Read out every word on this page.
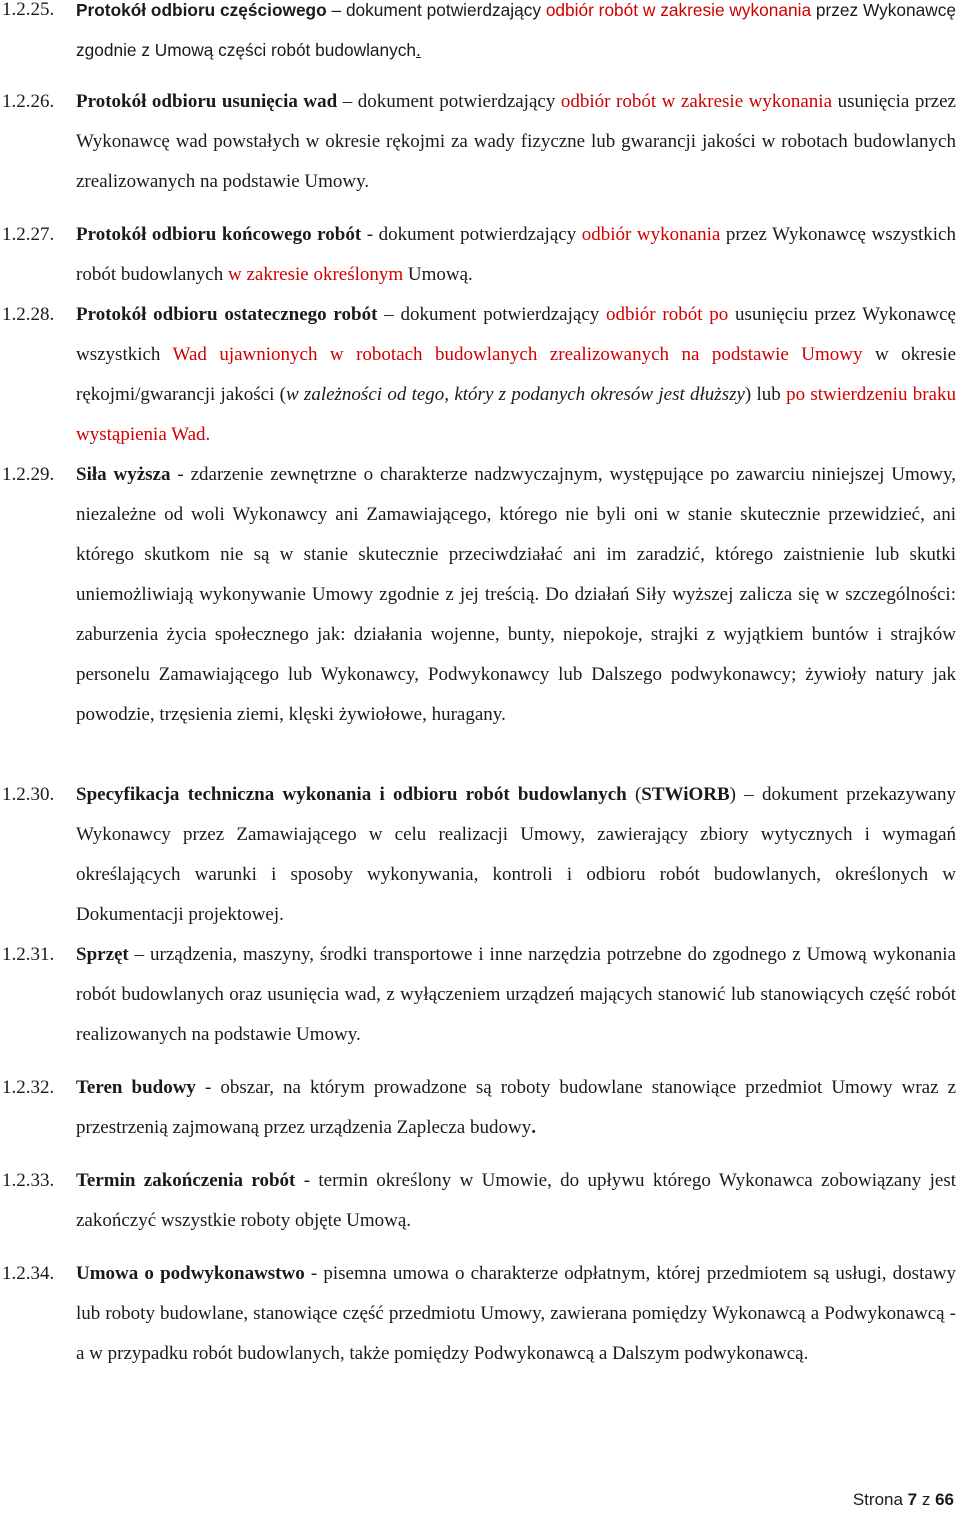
1.2.25. Protokół odbioru częściowego – dokument potwierdzający odbiór robót w zakresie wykonania przez Wykonawcę zgodnie z Umową części robót budowlanych.
1.2.26. Protokół odbioru usunięcia wad – dokument potwierdzający odbiór robót w zakresie wykonania usunięcia przez Wykonawcę wad powstałych w okresie rękojmi za wady fizyczne lub gwarancji jakości w robotach budowlanych zrealizowanych na podstawie Umowy.
1.2.27. Protokół odbioru końcowego robót - dokument potwierdzający odbiór wykonania przez Wykonawcę wszystkich robót budowlanych w zakresie określonym Umową.
1.2.28. Protokół odbioru ostatecznego robót – dokument potwierdzający odbiór robót po usunięciu przez Wykonawcę wszystkich Wad ujawnionych w robotach budowlanych zrealizowanych na podstawie Umowy w okresie rękojmi/gwarancji jakości (w zależności od tego, który z podanych okresów jest dłuższy) lub po stwierdzeniu braku wystąpienia Wad.
1.2.29. Siła wyższa - zdarzenie zewnętrzne o charakterze nadzwyczajnym, występujące po zawarciu niniejszej Umowy, niezależne od woli Wykonawcy ani Zamawiającego, którego nie byli oni w stanie skutecznie przewidzieć, ani którego skutkom nie są w stanie skutecznie przeciwdziałać ani im zaradzić, którego zaistnienie lub skutki uniemożliwiają wykonywanie Umowy zgodnie z jej treścią. Do działań Siły wyższej zalicza się w szczególności: zaburzenia życia społecznego jak: działania wojenne, bunty, niepokoje, strajki z wyjątkiem buntów i strajków personelu Zamawiającego lub Wykonawcy, Podwykonawcy lub Dalszego podwykonawcy; żywioły natury jak powodzie, trzęsienia ziemi, klęski żywiołowe, huragany.
1.2.30. Specyfikacja techniczna wykonania i odbioru robót budowlanych (STWiORB) – dokument przekazywany Wykonawcy przez Zamawiającego w celu realizacji Umowy, zawierający zbiory wytycznych i wymagań określających warunki i sposoby wykonywania, kontroli i odbioru robót budowlanych, określonych w Dokumentacji projektowej.
1.2.31. Sprzęt – urządzenia, maszyny, środki transportowe i inne narzędzia potrzebne do zgodnego z Umową wykonania robót budowlanych oraz usunięcia wad, z wyłączeniem urządzeń mających stanowić lub stanowiących część robót realizowanych na podstawie Umowy.
1.2.32. Teren budowy - obszar, na którym prowadzone są roboty budowlane stanowiące przedmiot Umowy wraz z przestrzenią zajmowaną przez urządzenia Zaplecza budowy.
1.2.33. Termin zakończenia robót - termin określony w Umowie, do upływu którego Wykonawca zobowiązany jest zakończyć wszystkie roboty objęte Umową.
1.2.34. Umowa o podwykonawstwo - pisemna umowa o charakterze odpłatnym, której przedmiotem są usługi, dostawy lub roboty budowlane, stanowiące część przedmiotu Umowy, zawierana pomiędzy Wykonawcą a Podwykonawcą - a w przypadku robót budowlanych, także pomiędzy Podwykonawcą a Dalszym podwykonawcą.
Strona 7 z 66
